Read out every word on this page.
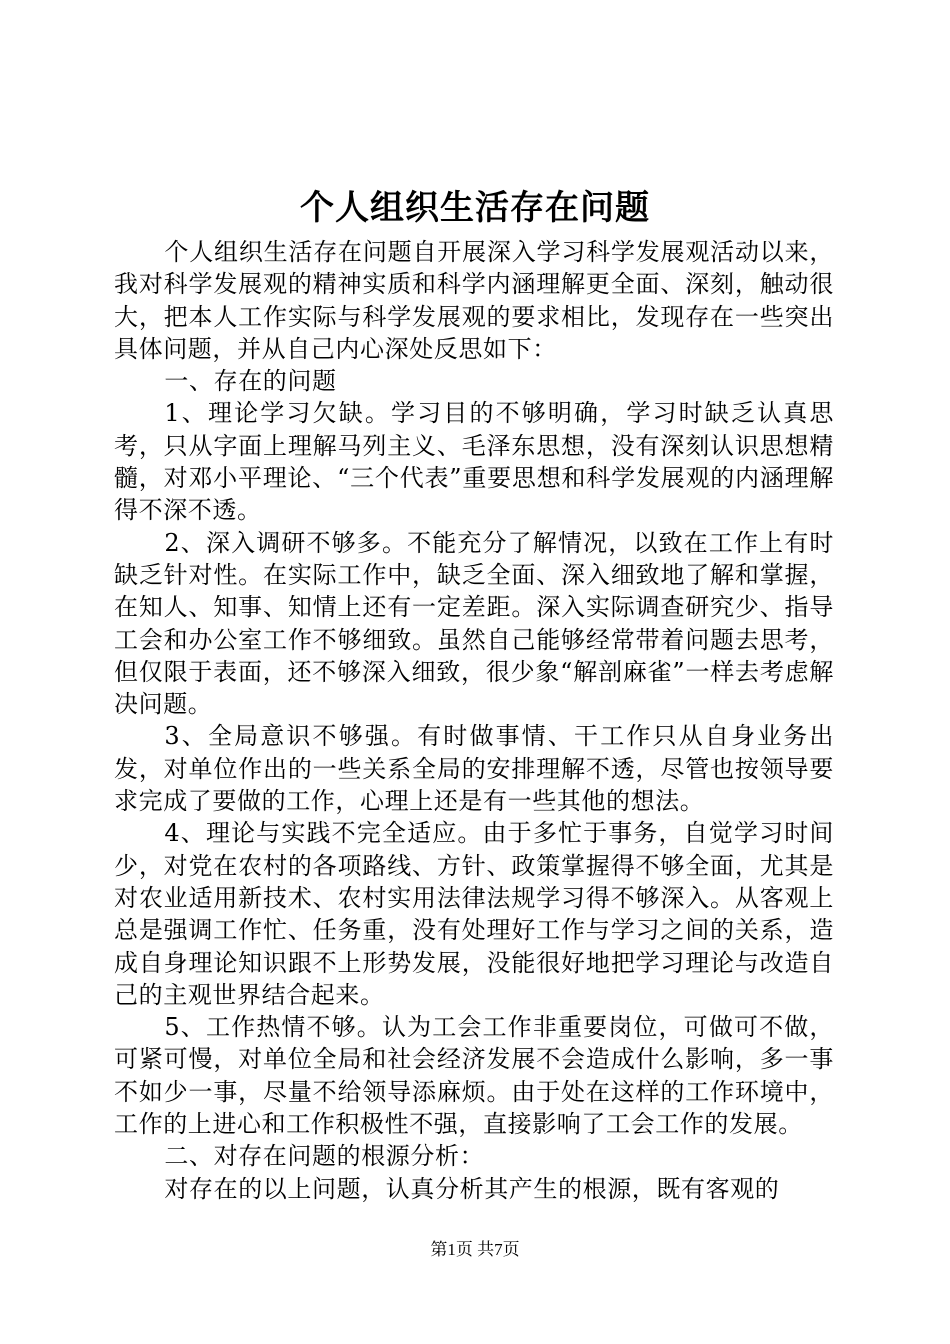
个人组织生活存在问题

个人组织生活存在问题自开展深入学习科学发展观活动以来，我对科学发展观的精神实质和科学内涵理解更全面、深刻，触动很大，把本人工作实际与科学发展观的要求相比，发现存在一些突出具体问题，并从自己内心深处反思如下：

一、存在的问题

1、理论学习欠缺。学习目的不够明确，学习时缺乏认真思考，只从字面上理解马列主义、毛泽东思想，没有深刻认识思想精髓，对邓小平理论、“三个代表”重要思想和科学发展观的内涵理解得不深不透。

2、深入调研不够多。不能充分了解情况，以致在工作上有时缺乏针对性。在实际工作中，缺乏全面、深入细致地了解和掌握，在知人、知事、知情上还有一定差距。深入实际调查研究少、指导工会和办公室工作不够细致。虽然自己能够经常带着问题去思考，但仅限于表面，还不够深入细致，很少象“解剖麻雀”一样去考虑解决问题。

3、全局意识不够强。有时做事情、干工作只从自身业务出发，对单位作出的一些关系全局的安排理解不透，尽管也按领导要求完成了要做的工作，心理上还是有一些其他的想法。

4、理论与实践不完全适应。由于多忙于事务，自觉学习时间少，对党在农村的各项路线、方针、政策掌握得不够全面，尤其是对农业适用新技术、农村实用法律法规学习得不够深入。从客观上总是强调工作忙、任务重，没有处理好工作与学习之间的关系，造成自身理论知识跟不上形势发展，没能很好地把学习理论与改造自己的主观世界结合起来。

5、工作热情不够。认为工会工作非重要岗位，可做可不做，可紧可慢，对单位全局和社会经济发展不会造成什么影响，多一事不如少一事，尽量不给领导添麻烦。由于处在这样的工作环境中，工作的上进心和工作积极性不强，直接影响了工会工作的发展。

二、对存在问题的根源分析：

对存在的以上问题，认真分析其产生的根源，既有客观的

第1页 共7页
